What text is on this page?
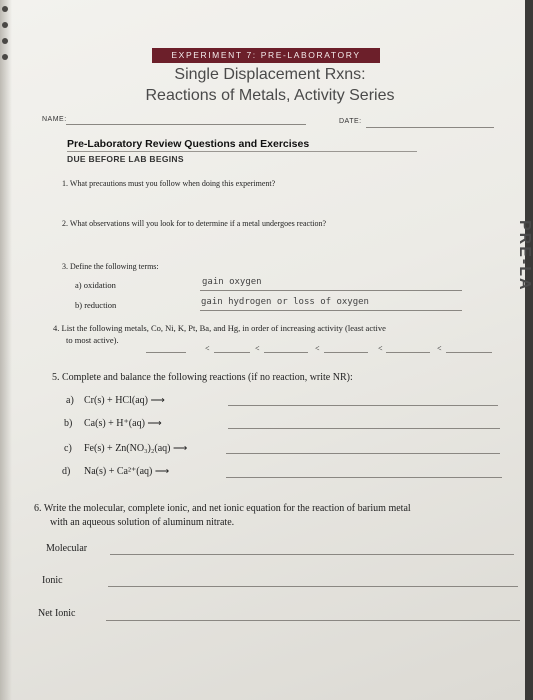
EXPERIMENT 7: PRE-LABORATORY
Single Displacement Rxns:
Reactions of Metals, Activity Series
NAME:	DATE:
Pre-Laboratory Review Questions and Exercises
DUE BEFORE LAB BEGINS
1. What precautions must you follow when doing this experiment?
2. What observations will you look for to determine if a metal undergoes reaction?
3. Define the following terms:
a) oxidation	gain oxygen
b) reduction	gain hydrogen or loss of oxygen
4. List the following metals, Co, Ni, K, Pt, Ba, and Hg, in order of increasing activity (least active
to most active).
<	<	<	<	<
5. Complete and balance the following reactions (if no reaction, write NR):
a) Cr(s) + HCl(aq) ⟶
b) Ca(s) + H⁺(aq) ⟶
c) Fe(s) + Zn(NO₃)₂(aq) ⟶
d) Na(s) + Ca²⁺(aq) ⟶
6. Write the molecular, complete ionic, and net ionic equation for the reaction of barium metal
with an aqueous solution of aluminum nitrate.
Molecular
Ionic
Net Ionic
PRE-LA
